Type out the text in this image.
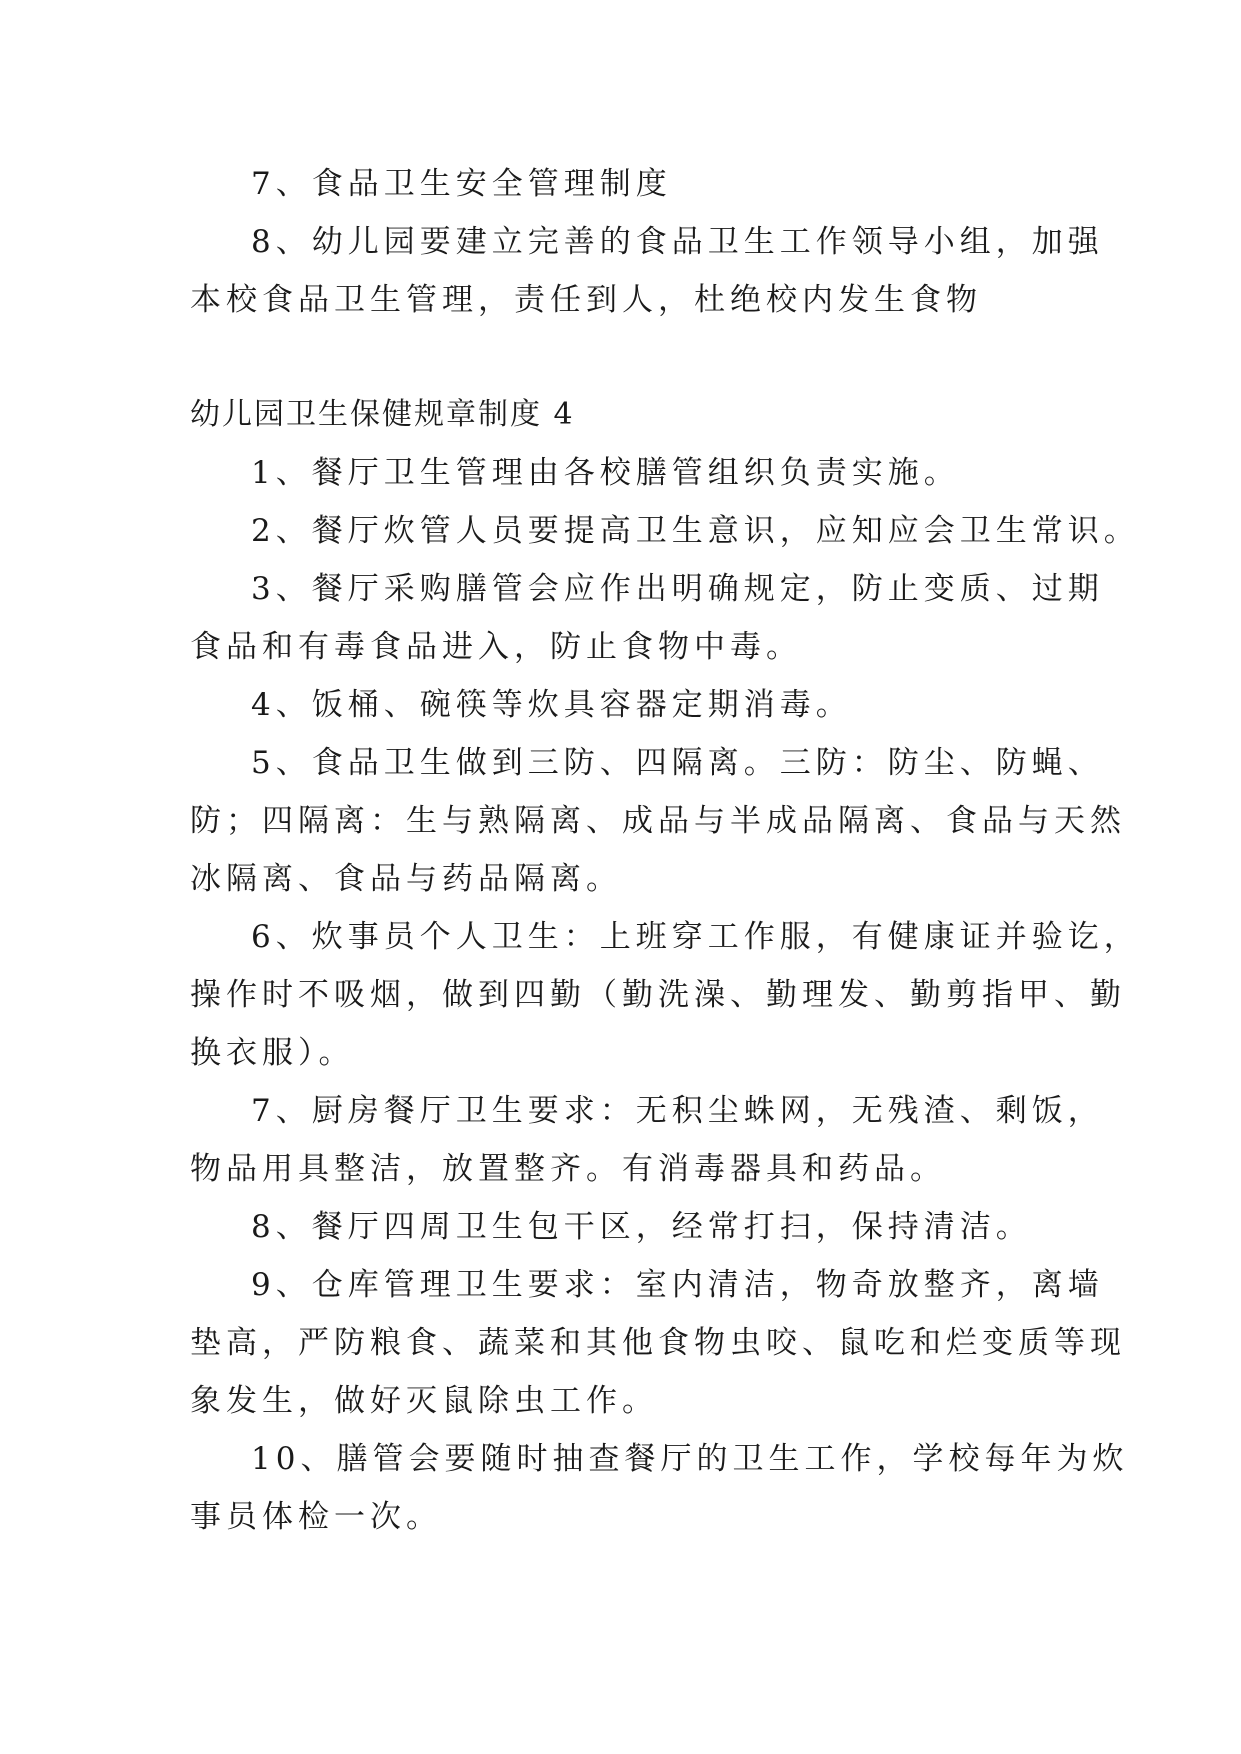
7、食品卫生安全管理制度
8、幼儿园要建立完善的食品卫生工作领导小组，加强
本校食品卫生管理，责任到人，杜绝校内发生食物
幼儿园卫生保健规章制度 4
1、餐厅卫生管理由各校膳管组织负责实施。
2、餐厅炊管人员要提高卫生意识，应知应会卫生常识。
3、餐厅采购膳管会应作出明确规定，防止变质、过期
食品和有毒食品进入，防止食物中毒。
4、饭桶、碗筷等炊具容器定期消毒。
5、食品卫生做到三防、四隔离。三防：防尘、防蝇、
防；四隔离：生与熟隔离、成品与半成品隔离、食品与天然
冰隔离、食品与药品隔离。
6、炊事员个人卫生：上班穿工作服，有健康证并验讫，
操作时不吸烟，做到四勤（勤洗澡、勤理发、勤剪指甲、勤
换衣服）。
7、厨房餐厅卫生要求：无积尘蛛网，无残渣、剩饭，
物品用具整洁，放置整齐。有消毒器具和药品。
8、餐厅四周卫生包干区，经常打扫，保持清洁。
9、仓库管理卫生要求：室内清洁，物奇放整齐，离墙
垫高，严防粮食、蔬菜和其他食物虫咬、鼠吃和烂变质等现
象发生，做好灭鼠除虫工作。
10、膳管会要随时抽查餐厅的卫生工作，学校每年为炊
事员体检一次。
